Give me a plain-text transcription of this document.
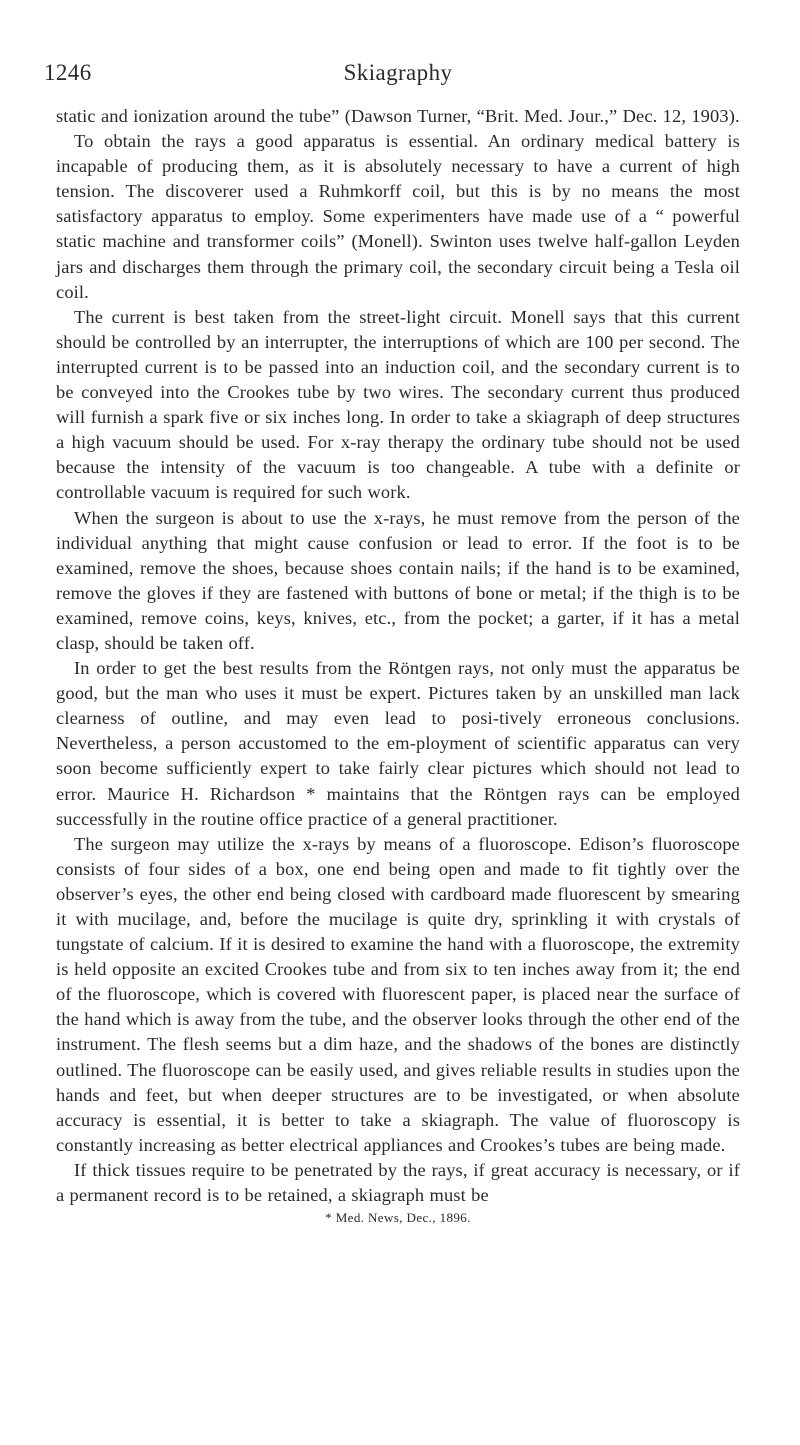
1246	Skiagraphy

static and ionization around the tube” (Dawson Turner, “Brit. Med. Jour.,” Dec. 12, 1903).

To obtain the rays a good apparatus is essential. An ordinary medical battery is incapable of producing them, as it is absolutely necessary to have a current of high tension. The discoverer used a Ruhmkorff coil, but this is by no means the most satisfactory apparatus to employ. Some experimenters have made use of a “ powerful static machine and transformer coils” (Monell). Swinton uses twelve half-gallon Leyden jars and discharges them through the primary coil, the secondary circuit being a Tesla oil coil.

The current is best taken from the street-light circuit. Monell says that this current should be controlled by an interrupter, the interruptions of which are 100 per second. The interrupted current is to be passed into an induction coil, and the secondary current is to be conveyed into the Crookes tube by two wires. The secondary current thus produced will furnish a spark five or six inches long. In order to take a skiagraph of deep structures a high vacuum should be used. For x-ray therapy the ordinary tube should not be used because the intensity of the vacuum is too changeable. A tube with a definite or controllable vacuum is required for such work.

When the surgeon is about to use the x-rays, he must remove from the person of the individual anything that might cause confusion or lead to error. If the foot is to be examined, remove the shoes, because shoes contain nails; if the hand is to be examined, remove the gloves if they are fastened with buttons of bone or metal; if the thigh is to be examined, remove coins, keys, knives, etc., from the pocket; a garter, if it has a metal clasp, should be taken off.

In order to get the best results from the Röntgen rays, not only must the apparatus be good, but the man who uses it must be expert. Pictures taken by an unskilled man lack clearness of outline, and may even lead to posi-tively erroneous conclusions. Nevertheless, a person accustomed to the em-ployment of scientific apparatus can very soon become sufficiently expert to take fairly clear pictures which should not lead to error. Maurice H. Richardson * maintains that the Röntgen rays can be employed successfully in the routine office practice of a general practitioner.

The surgeon may utilize the x-rays by means of a fluoroscope. Edison’s fluoroscope consists of four sides of a box, one end being open and made to fit tightly over the observer’s eyes, the other end being closed with cardboard made fluorescent by smearing it with mucilage, and, before the mucilage is quite dry, sprinkling it with crystals of tungstate of calcium. If it is desired to examine the hand with a fluoroscope, the extremity is held opposite an excited Crookes tube and from six to ten inches away from it; the end of the fluoroscope, which is covered with fluorescent paper, is placed near the surface of the hand which is away from the tube, and the observer looks through the other end of the instrument. The flesh seems but a dim haze, and the shadows of the bones are distinctly outlined. The fluoroscope can be easily used, and gives reliable results in studies upon the hands and feet, but when deeper structures are to be investigated, or when absolute accuracy is essential, it is better to take a skiagraph. The value of fluoroscopy is constantly increasing as better electrical appliances and Crookes’s tubes are being made.

If thick tissues require to be penetrated by the rays, if great accuracy is necessary, or if a permanent record is to be retained, a skiagraph must be

* Med. News, Dec., 1896.
